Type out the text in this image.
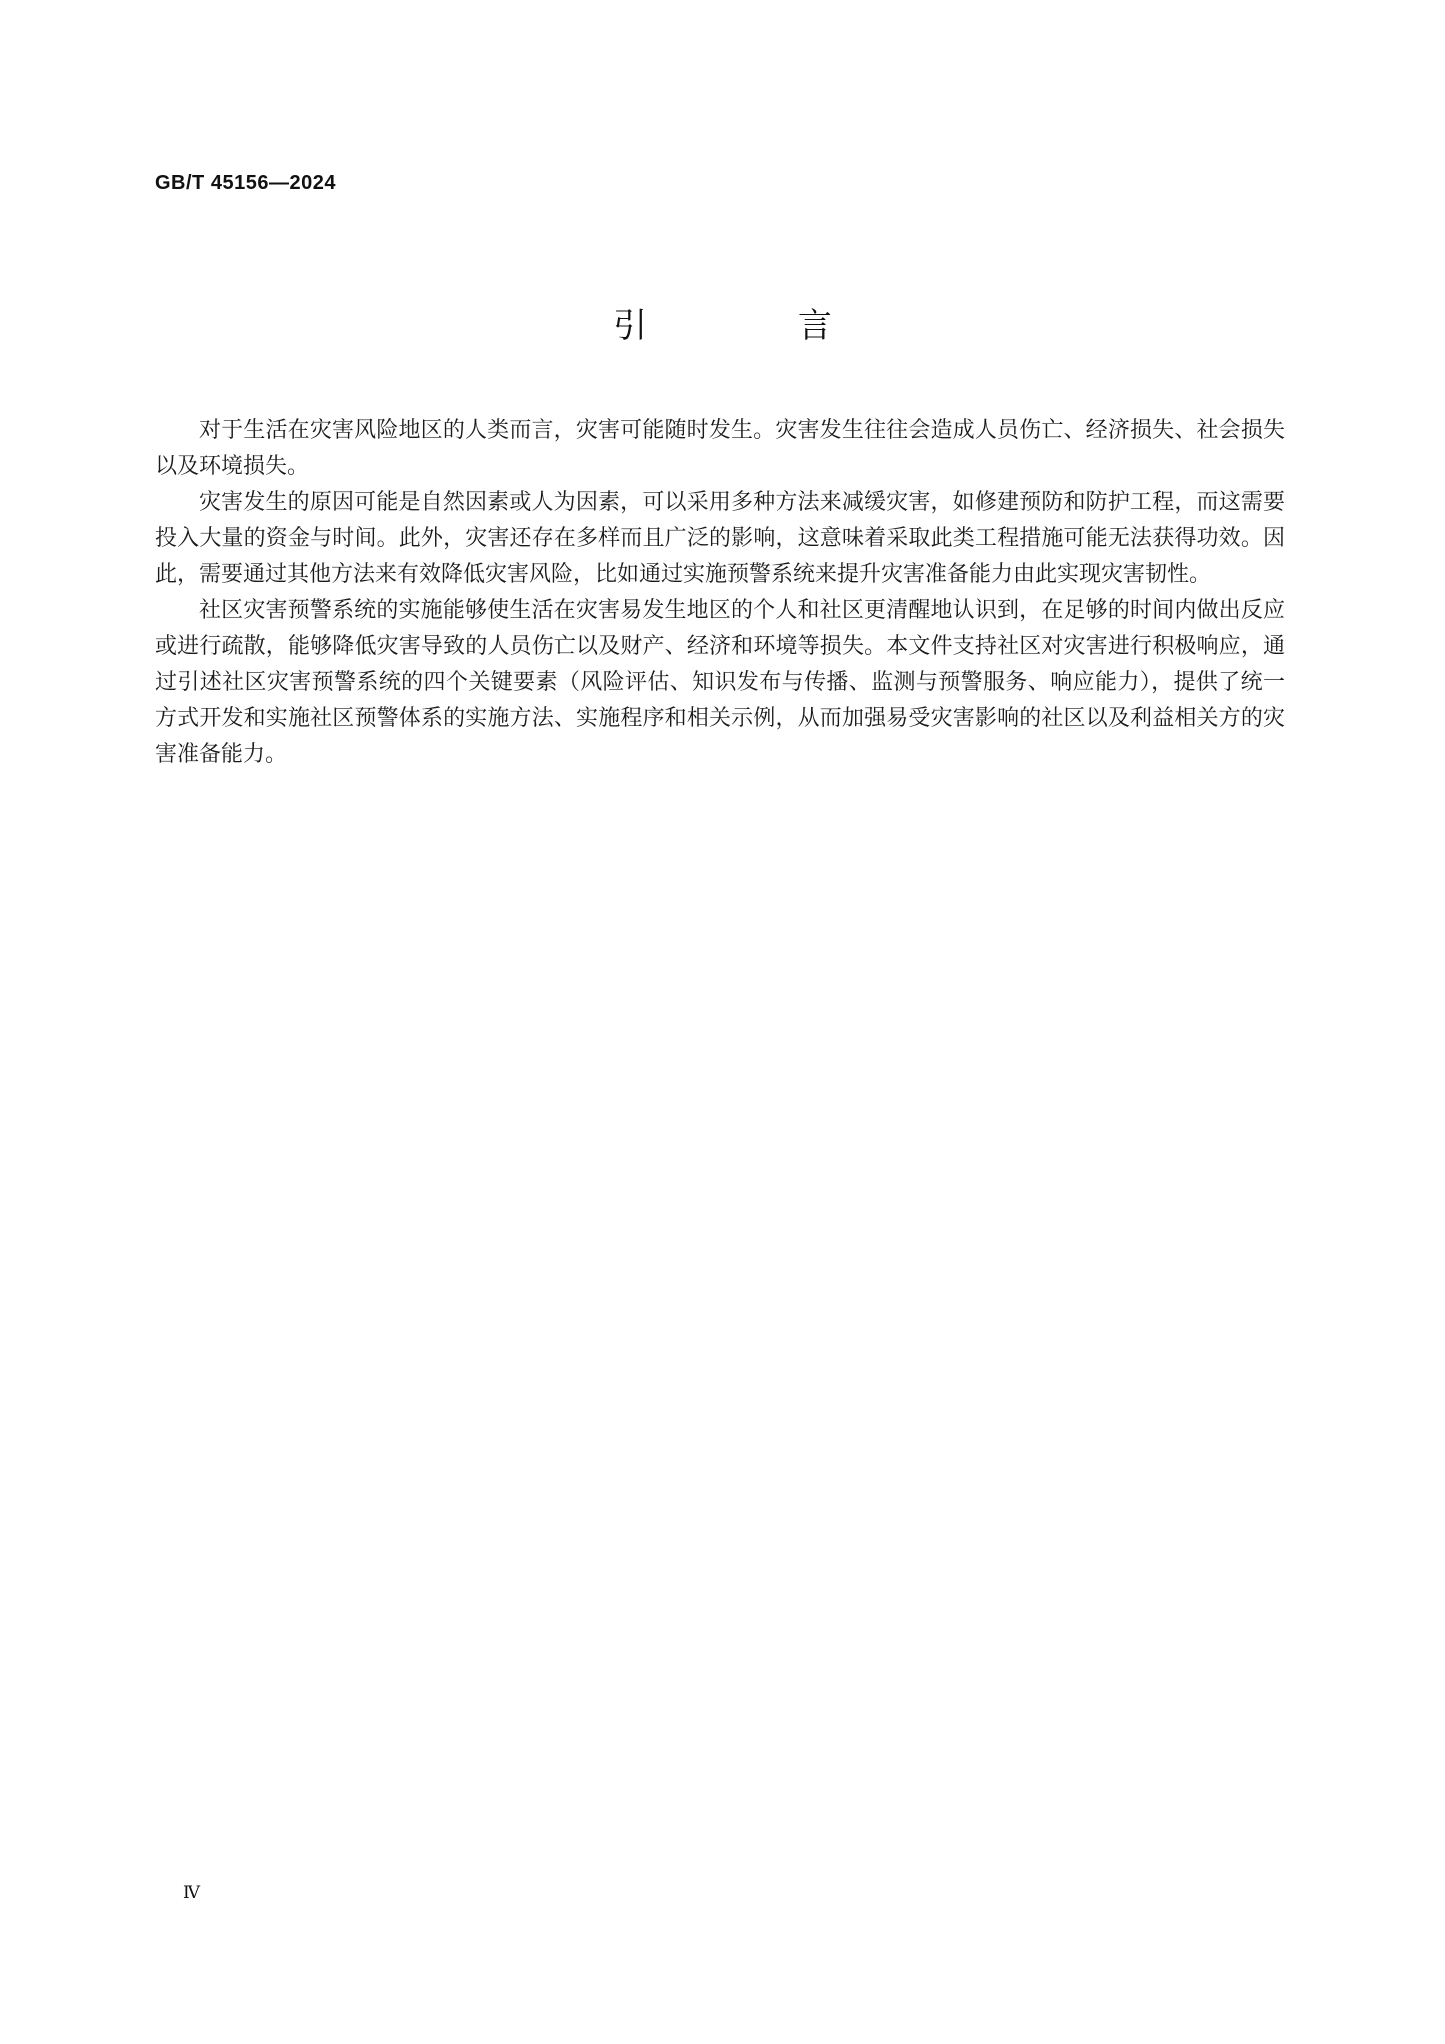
GB/T 45156—2024
引 言

对于生活在灾害风险地区的人类而言，灾害可能随时发生。灾害发生往往会造成人员伤亡、经济损失、社会损失以及环境损失。

灾害发生的原因可能是自然因素或人为因素，可以采用多种方法来减缓灾害，如修建预防和防护工程，而这需要投入大量的资金与时间。此外，灾害还存在多样而且广泛的影响，这意味着采取此类工程措施可能无法获得功效。因此，需要通过其他方法来有效降低灾害风险，比如通过实施预警系统来提升灾害准备能力由此实现灾害韧性。

社区灾害预警系统的实施能够使生活在灾害易发生地区的个人和社区更清醒地认识到，在足够的时间内做出反应或进行疏散，能够降低灾害导致的人员伤亡以及财产、经济和环境等损失。本文件支持社区对灾害进行积极响应，通过引述社区灾害预警系统的四个关键要素（风险评估、知识发布与传播、监测与预警服务、响应能力），提供了统一方式开发和实施社区预警体系的实施方法、实施程序和相关示例，从而加强易受灾害影响的社区以及利益相关方的灾害准备能力。

Ⅳ
